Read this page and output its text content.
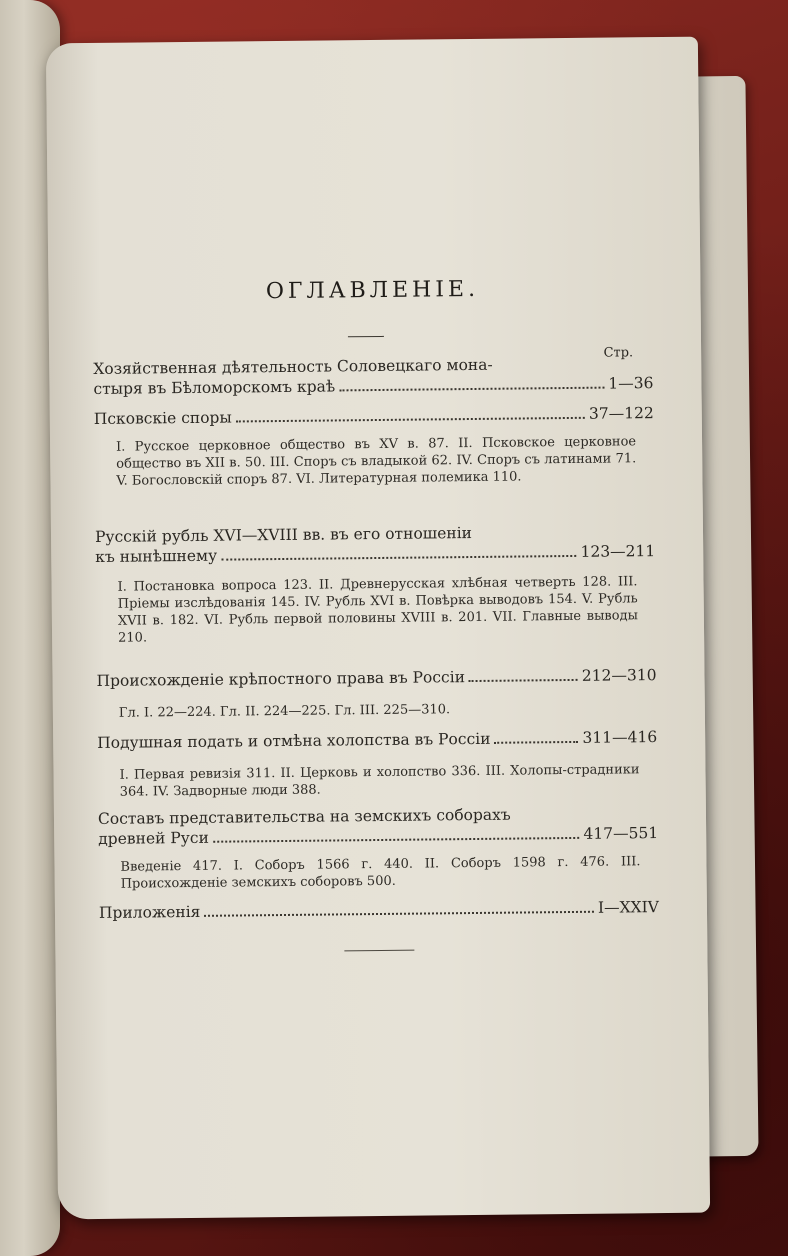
ОГЛАВЛЕНІЕ.
Стр.
Хозяйственная дѣятельность Соловецкаго мона-
стыря въ Бѣломорскомъ краѣ	1—36
Псковскіе споры	37—122
I. Русское церковное общество въ XV в. 87. II. Псковское церковное общество въ XII в. 50. III. Споръ съ владыкой 62. IV. Споръ съ латинами 71. V. Богословскій споръ 87. VI. Литературная полемика 110.
Русскій рубль XVI—XVIII вв. въ его отношеніи
къ нынѣшнему	123—211
I. Постановка вопроса 123. II. Древнерусская хлѣбная четверть 128. III. Пріемы изслѣдованія 145. IV. Рубль XVI в. Повѣрка выводовъ 154. V. Рубль XVII в. 182. VI. Рубль первой половины XVIII в. 201. VII. Главные выводы 210.
Происхожденіе крѣпостного права въ Россіи	212—310
Гл. I. 22—224. Гл. II. 224—225. Гл. III. 225—310.
Подушная подать и отмѣна холопства въ Россіи	311—416
I. Первая ревизія 311. II. Церковь и холопство 336. III. Холопы-страдники 364. IV. Задворные люди 388.
Составъ представительства на земскихъ соборахъ
древней Руси	417—551
Введеніе 417. I. Соборъ 1566 г. 440. II. Соборъ 1598 г. 476. III. Происхожденіе земскихъ соборовъ 500.
Приложенія	I—XXIV
